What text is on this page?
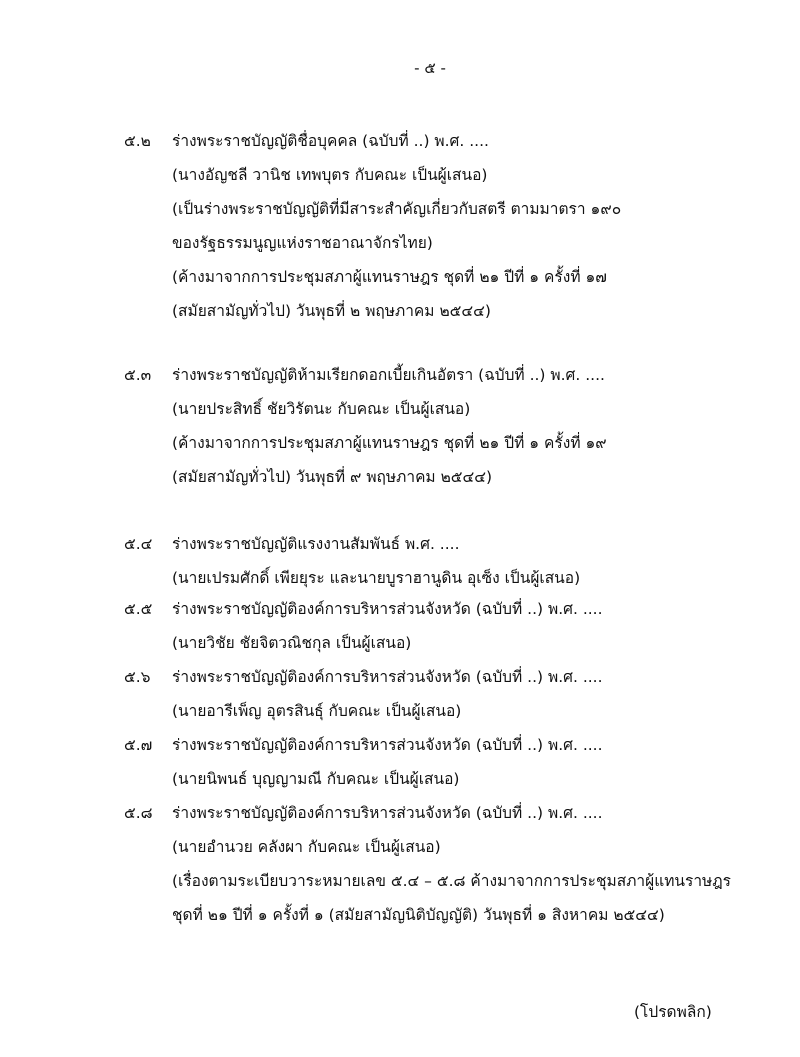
- ๕ -
๕.๒	ร่างพระราชบัญญัติชื่อบุคคล (ฉบับที่ ..) พ.ศ. ....
(นางอัญชลี วานิช เทพบุตร กับคณะ เป็นผู้เสนอ)
(เป็นร่างพระราชบัญญัติที่มีสาระสำคัญเกี่ยวกับสตรี ตามมาตรา ๑๙๐
ของรัฐธรรมนูญแห่งราชอาณาจักรไทย)
(ค้างมาจากการประชุมสภาผู้แทนราษฎร ชุดที่ ๒๑ ปีที่ ๑ ครั้งที่ ๑๗
(สมัยสามัญทั่วไป) วันพุธที่ ๒ พฤษภาคม ๒๕๔๔)
๕.๓	ร่างพระราชบัญญัติห้ามเรียกดอกเบี้ยเกินอัตรา (ฉบับที่ ..) พ.ศ. ....
(นายประสิทธิ์ ชัยวิรัตนะ กับคณะ เป็นผู้เสนอ)
(ค้างมาจากการประชุมสภาผู้แทนราษฎร ชุดที่ ๒๑ ปีที่ ๑ ครั้งที่ ๑๙
(สมัยสามัญทั่วไป) วันพุธที่ ๙ พฤษภาคม ๒๕๔๔)
๕.๔	ร่างพระราชบัญญัติแรงงานสัมพันธ์ พ.ศ. ....
(นายเปรมศักดิ์ เพียยุระ และนายบูราฮานูดิน อุเซ็ง เป็นผู้เสนอ)
๕.๕	ร่างพระราชบัญญัติองค์การบริหารส่วนจังหวัด (ฉบับที่ ..) พ.ศ. ....
(นายวิชัย ชัยจิตวณิชกุล เป็นผู้เสนอ)
๕.๖	ร่างพระราชบัญญัติองค์การบริหารส่วนจังหวัด (ฉบับที่ ..) พ.ศ. ....
(นายอารีเพ็ญ อุตรสินธุ์ กับคณะ เป็นผู้เสนอ)
๕.๗	ร่างพระราชบัญญัติองค์การบริหารส่วนจังหวัด (ฉบับที่ ..) พ.ศ. ....
(นายนิพนธ์ บุญญามณี กับคณะ เป็นผู้เสนอ)
๕.๘	ร่างพระราชบัญญัติองค์การบริหารส่วนจังหวัด (ฉบับที่ ..) พ.ศ. ....
(นายอำนวย คลังผา กับคณะ เป็นผู้เสนอ)
(เรื่องตามระเบียบวาระหมายเลข ๕.๔ – ๕.๘ ค้างมาจากการประชุมสภาผู้แทนราษฎร
ชุดที่ ๒๑ ปีที่ ๑ ครั้งที่ ๑ (สมัยสามัญนิติบัญญัติ) วันพุธที่ ๑ สิงหาคม ๒๕๔๔)
(โปรดพลิก)
